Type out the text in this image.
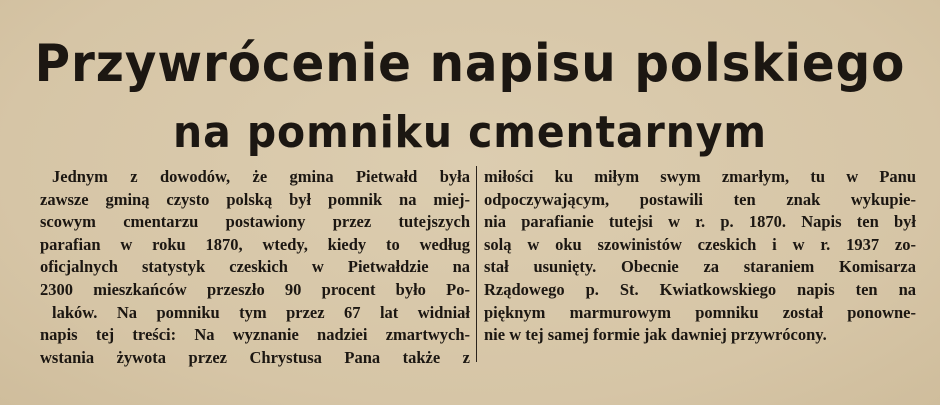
Przywrócenie napisu polskiego
na pomniku cmentarnym
Jednym z dowodów, że gmina Pietwałd była
zawsze gminą czysto polską był pomnik na miej-
scowym cmentarzu postawiony przez tutejszych
parafian w roku 1870, wtedy, kiedy to według
oficjalnych statystyk czeskich w Pietwałdzie na
2300 mieszkańców przeszło 90 procent było Po-
laków. Na pomniku tym przez 67 lat widniał
napis tej treści: Na wyznanie nadziei zmartwych-
wstania żywota przez Chrystusa Pana także z
miłości ku miłym swym zmarłym, tu w Panu
odpoczywającym, postawili ten znak wykupie-
nia parafianie tutejsi w r. p. 1870. Napis ten był
solą w oku szowinistów czeskich i w r. 1937 zo-
stał usunięty. Obecnie za staraniem Komisarza
Rządowego p. St. Kwiatkowskiego napis ten na
pięknym marmurowym pomniku został ponowne-
nie w tej samej formie jak dawniej przywrócony.
